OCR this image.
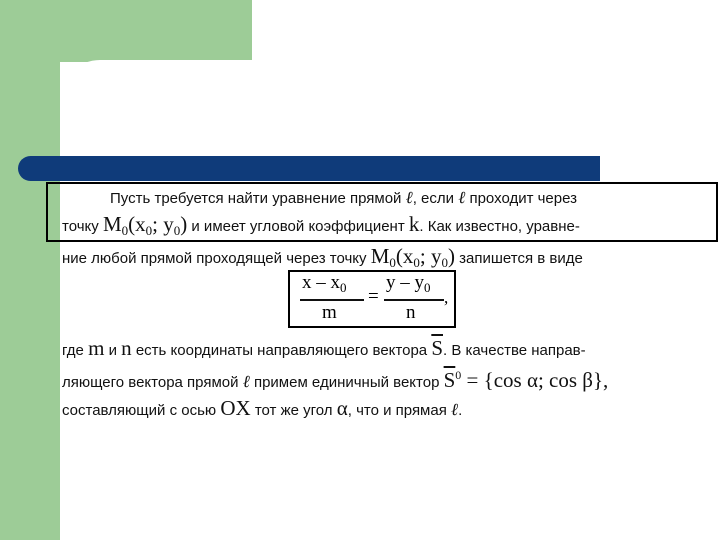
Пусть требуется найти уравнение прямой ℓ, если ℓ проходит через
точку $M_0(x_0$; $y_0$) и имеет угловой коэффициент k. Как известно, уравне-
ние любой прямой проходящей через точку $M_0(x_0$; $y_0$) запишется в виде
x – $x_0$
m
=
y – $y_0$
n
,
где m и n есть координаты направляющего вектора $\overline{S}$. В качестве направ-
ляющего вектора прямой ℓ примем единичный вектор $\overline{S}^0 = \{\cos$ α; cos β},
составляющий с осью OX тот же угол α, что и прямая ℓ.
